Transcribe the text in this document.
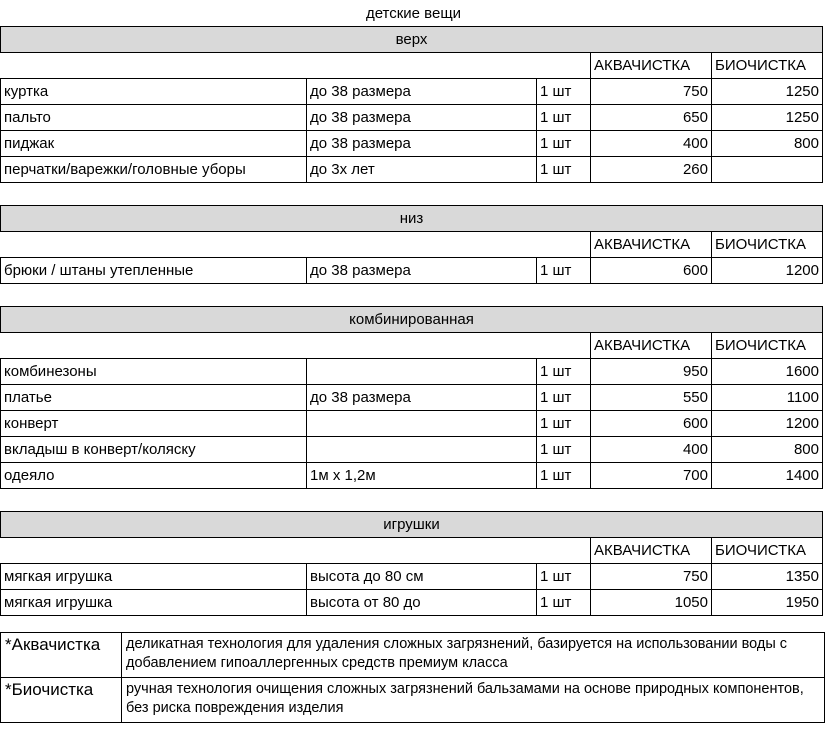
детские вещи
верх				
			АКВАЧИСТКА	БИОЧИСТКА
куртка	до 38 размера	1 шт	750	1250
пальто	до 38 размера	1 шт	650	1250
пиджак	до 38 размера	1 шт	400	800
перчатки/варежки/головные уборы	до 3х лет	1 шт	260	

низ				
			АКВАЧИСТКА	БИОЧИСТКА
брюки / штаны утепленные	до 38 размера	1 шт	600	1200

комбинированная				
			АКВАЧИСТКА	БИОЧИСТКА
комбинезоны		1 шт	950	1600
платье	до 38 размера	1 шт	550	1100
конверт		1 шт	600	1200
вкладыш в конверт/коляску		1 шт	400	800
одеяло	1м х 1,2м	1 шт	700	1400

игрушки				
			АКВАЧИСТКА	БИОЧИСТКА
мягкая игрушка	высота до 80 см	1 шт	750	1350
мягкая игрушка	высота от 80 до	1 шт	1050	1950
*Аквачистка	деликатная технология для удаления сложных загрязнений, базируется на использовании воды с добавлением гипоаллергенных средств премиум класса
*Биочистка	ручная технология очищения сложных загрязнений бальзамами на основе природных компонентов, без риска повреждения изделия
